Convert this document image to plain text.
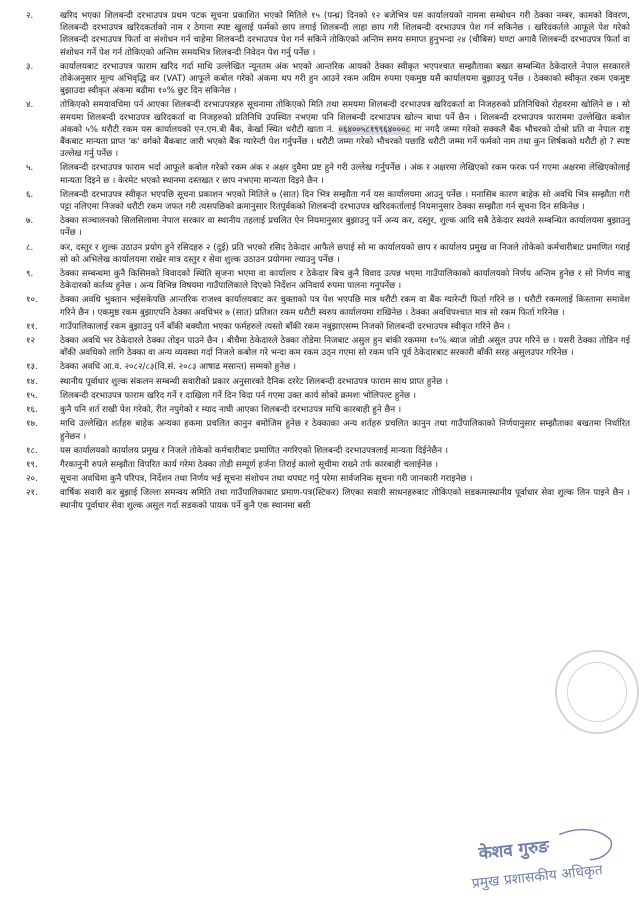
२.	खरिद भएका शिलबन्दी दरभाउपत्र प्रथम पटक सूचना प्रकाशित भएको मितिले १५ (पन्ध्र) दिनको १२ बजेभित्र यस कार्यालयको नाममा सम्बोधन गरी ठेक्का नम्बर, कामको विवरण, शिलबन्दी दरभाउपत्र खरिदकर्ताको नाम र ठेगाना स्पष्ट खुलाई फर्मको छाप लगाई शिलबन्दी लाहा छाप गरी शिलबन्दी दरभाउपत्र पेश गर्न सकिनेछ । खरिदकर्तले आफूले पेश गरेको शिलबन्दी दरभाउपत्र फिर्ता वा संशोधन गर्न चाहेमा शिलबन्दी दरभाउपत्र पेश गर्न सकिने तोकिएको अन्तिम समय समाप्त हुनुभन्दा २४ (चौबिस) घण्टा अगावै शिलबन्दी दरभाउपत्र फिर्ता वा संशोधन गर्ने पेश गर्न तोकिएको अन्तिम समयभित्र शिलबन्दी निवेदन पेश गर्नु पर्नेछ ।
३.	कार्यालयबाट दरभाउपत्र फाराम खरिद गर्दा माथि उल्लेखित न्यूनतम अंक भएको आन्तरिक आयको ठेक्का स्वीकृत भएपश्चात सम्झौताका बखत सम्बन्धित ठेकेदारले नेपाल सरकारले तोकेअनुसार मूल्य अभिवृद्धि कर (VAT) आफूले कबोल गरेको अंकमा थप गरी हुन आउने रकम अग्रिम रुपमा एकमुष्ठ यसै कार्यालयमा बुझाउनु पर्नेछ । ठेक्काको स्वीकृत रकम एकमुष्ट बुझाउदा स्वीकृत अंकमा बढीमा १०% छुट दिन सकिनेछ ।
४.	तोकिएको समयावधिमा पर्न आएका शिलबन्दी दरभाउपत्रहरु सूचनामा तोकिएको मिति तथा समयमा शिलबन्दी दरभाउपत्र खरिदकर्ता वा निजहरुको प्रतिनिधिको रोहवरमा खोलिने छ । सो समयमा शिलबन्दी दरभाउपत्र खरिदकर्ता वा निजहरुको प्रतिनिधि उपस्थित नभएमा पनि शिलबन्दी दरभाउपत्र खोल्न बाधा पर्ने छैन । शिलबन्दी दरभाउपत्र फाराममा उल्लेखित कबोल अंकको ५% धरौटी रकम यस कार्यालयको एन.एम.बी बैंक, केर्खा स्थित धरौटी खाता नं. ०६४००५८१९९६४०००८ मा नगदै जम्मा गरेको सक्कलै बैंक भौचरको दोश्रो प्रति वा नेपाल राष्ट्र बैंकबाट मान्यता प्राप्त 'क' वर्गको बैंकबाट जारी भएको बैंक ग्यारेन्टी पेश गर्नुपर्नेछ । धरौटी जम्मा गरेको भौचरको पछाडि धरौटी जम्मा गर्ने फर्मको नाम तथा कुन शिर्षकको धरौटी हो ? स्पष्ट उल्लेख गर्नु पर्नेछ ।
५.	शिलबन्दी दरभाउपत्र फाराम भर्दा आफूले कबोल गरेको रकम अंक र अक्षर दुवैमा प्रष्ट हुने गरी उल्लेख गर्नुपर्नेछ । अंक र अक्षरमा लेखिएको रकम फरक पर्न गएमा अक्षरमा लेखिएकोलाई मान्यता दिइने छ । केरमेट भएको स्थानमा दस्तखत र छाप नभएमा मान्यता दिइने छैन ।
६.	शिलबन्दी दरभाउपत्र स्वीकृत भएपछि सूचना प्रकाशन भएको मितिले ७ (सात) दिन भित्र सम्झौता गर्न यस कार्यालयमा आउनु पर्नेछ । मनासिब कारण बाहेक सो अवधि भित्र सम्झौता गरी पट्टा नलिएमा निजको धरौटी रकम जफत गरी त्यसपछिको क्रमानुसार रितपूर्वकको शिलबन्दी दरभाउपत्र खरिदकर्तालाई नियमानुसार ठेक्का सम्झौता गर्न सूचना दिन सकिनेछ ।
७.	ठेक्का सञ्चालनको सिलसिलामा नेपाल सरकार वा स्थानीय तहलाई प्रचलित ऐन नियमानुसार बुझाउनु पर्ने अन्य कर, दस्तुर, शुल्क आदि सबै ठेकेदार स्वयंले सम्बन्धित कार्यालयमा बुझाउनु पर्नेछ ।
८.	कर, दस्तुर र शुल्क उठाउन प्रयोग हुने रसिदहरु २ (दुई) प्रति भएको रसिद ठेकेदार आफैले छपाई सो मा कार्यालयको छाप र कार्यालय प्रमुख वा निजले तोकेको कर्मचारीबाट प्रमाणित गराई सो को अभिलेख कार्यालयमा राखेर मात्र दस्तुर र सेवा शुल्क उठाउन प्रयोगमा ल्याउनु पर्नेछ ।
९.	ठेक्का सम्बन्धमा कुनै किसिमको विवादको स्थिति सृजना भएमा वा कार्यालय र ठेकेदार बिच कुनै विवाद उत्पन्न भएमा गाउँपालिकाको कार्यालयको निर्णय अन्तिम हुनेछ र सो निर्णय मान्नु ठेकेदारको कर्तव्य हुनेछ । अन्य विभिन्न विषयमा गाउँपालिकाले दिएको निर्देशन अनिवार्य रुपमा पालना गनुपर्नेछ ।
१०.	ठेक्का अवधि भुक्तान भईसकेपछि आन्तरिक राजश्व कार्यालयबाट कर चुक्ताको पत्र पेश भएपछि मात्र धरौटी रकम वा बैंक ग्यारेन्टी फिर्ता गरिने छ । धरौटी रकमलाई किस्तामा समावेश गरिने छैन । एकमुष्ठ रकम बुझाएपनि ठेक्का अवधिभर ७ (सात) प्रतिशत रकम धरौटी स्वरुप कार्यालयमा राखिनेछ । ठेक्का अवधिपश्चात मात्र सो रकम फिर्ता गरिनेछ ।
११.	गाउँपालिकालाई रकम बुझाउनु पर्ने बाँकी बक्यौता भएका फर्महरुले त्यस्तो बाँकी रकम नबुझाएसम्म निजको शिलबन्दी दरभाउपत्र स्वीकृत गरिने छैन ।
१२	ठेक्का अवधि भर ठेकेदारले ठेक्का तोड्न पाउने छैन । बीचैमा ठेकेदारले ठेक्का तोडेमा निजबाट असुल हुन बांकी रकममा १०% ब्याज जोडी असुल उपर गरिने छ । यसरी ठेक्का तोडिन गई बाँकी अवधिको लागि ठेक्का वा अन्य व्यवस्था गर्दा निजले कबोल गरे भन्दा कम रकम उठ्न गएमा सो रकम पनि पूर्व ठेकेदारबाट सरकारी बाँकी सरह असुलउपर गरिनेछ ।
१३.	ठेक्का अवधि आ.व. २०८२/८३(वि.सं. २०८३ आषाढ मसान्त) सम्मको हुनेछ ।
१४.	स्थानीय पूर्वाधार शुल्क संकलन सम्बन्धी सवारीको प्रकार अनुसारको दैनिक दररेट शिलबन्दी दरभाउपत्र फाराम साथ प्राप्त हुनेछ ।
१५.	शिलबन्दी दरभाउपत्र फाराम खरिद गर्ने र दाखिला गर्ने दिन विदा पर्न गएमा उक्त कार्य सोको क्रमशः भोलिपल्ट हुनेछ ।
१६.	कुनै पनि शर्त राखी पेश गरेको, रीत नपुगेको र म्याद नाघी आएका शिलबन्दी दरभाउपत्र माथि कारबाही हुने छैन ।
१७.	माथि उल्लेखित शर्तहरु बाहेक अन्यका हकमा प्रचलित कानुन बमोजिम हुनेछ र ठेक्काका अन्य शर्तहरु प्रचलित कानुन तथा गाउँपालिकाको निर्णयानुसार सम्झौताका बखतमा निर्धारित हुनेछन ।
१८.	यस कार्यालयको कार्यालय प्रमुख र निजले तोकेको कर्मचारीबाट प्रमाणित नगरिएको शिलबन्दी दरभाउपत्रलाई मान्यता दिईनेछैन ।
१९.	गैरकानुनी रुपले सम्झौता विपरित कार्य गरेमा ठेक्का तोडी सम्पूर्ण हर्जना तिराई कालो सूचीमा राख्ने तर्फ कारबाही चलाईनेछ ।
२०.	सूचना अवधिमा कुनै परिपत्र, निर्देशन तथा निर्णय भई सूचना संशोधन तथा थपघट गर्नु परेमा सार्वजनिक सूचना गरी जानकारी गराइनेछ ।
२१.	वार्षिक सवारी कर बुझाई जिल्ला समन्वय समिति तथा गाउँपालिकाबाट प्रमाण-पत्र(स्टिकर) लिएका सवारी साधनहरुबाट तोकिएको सडकमास्थानीय पूर्वाधार सेवा शुल्क लिन पाइने छैन । स्थानीय पूर्वाधार सेवा शुल्क असुल गर्दा सडकको पायक पर्ने कुनै एक स्थानमा बसी
केशव गुरुङ
प्रमुख प्रशासकीय अधिकृत
